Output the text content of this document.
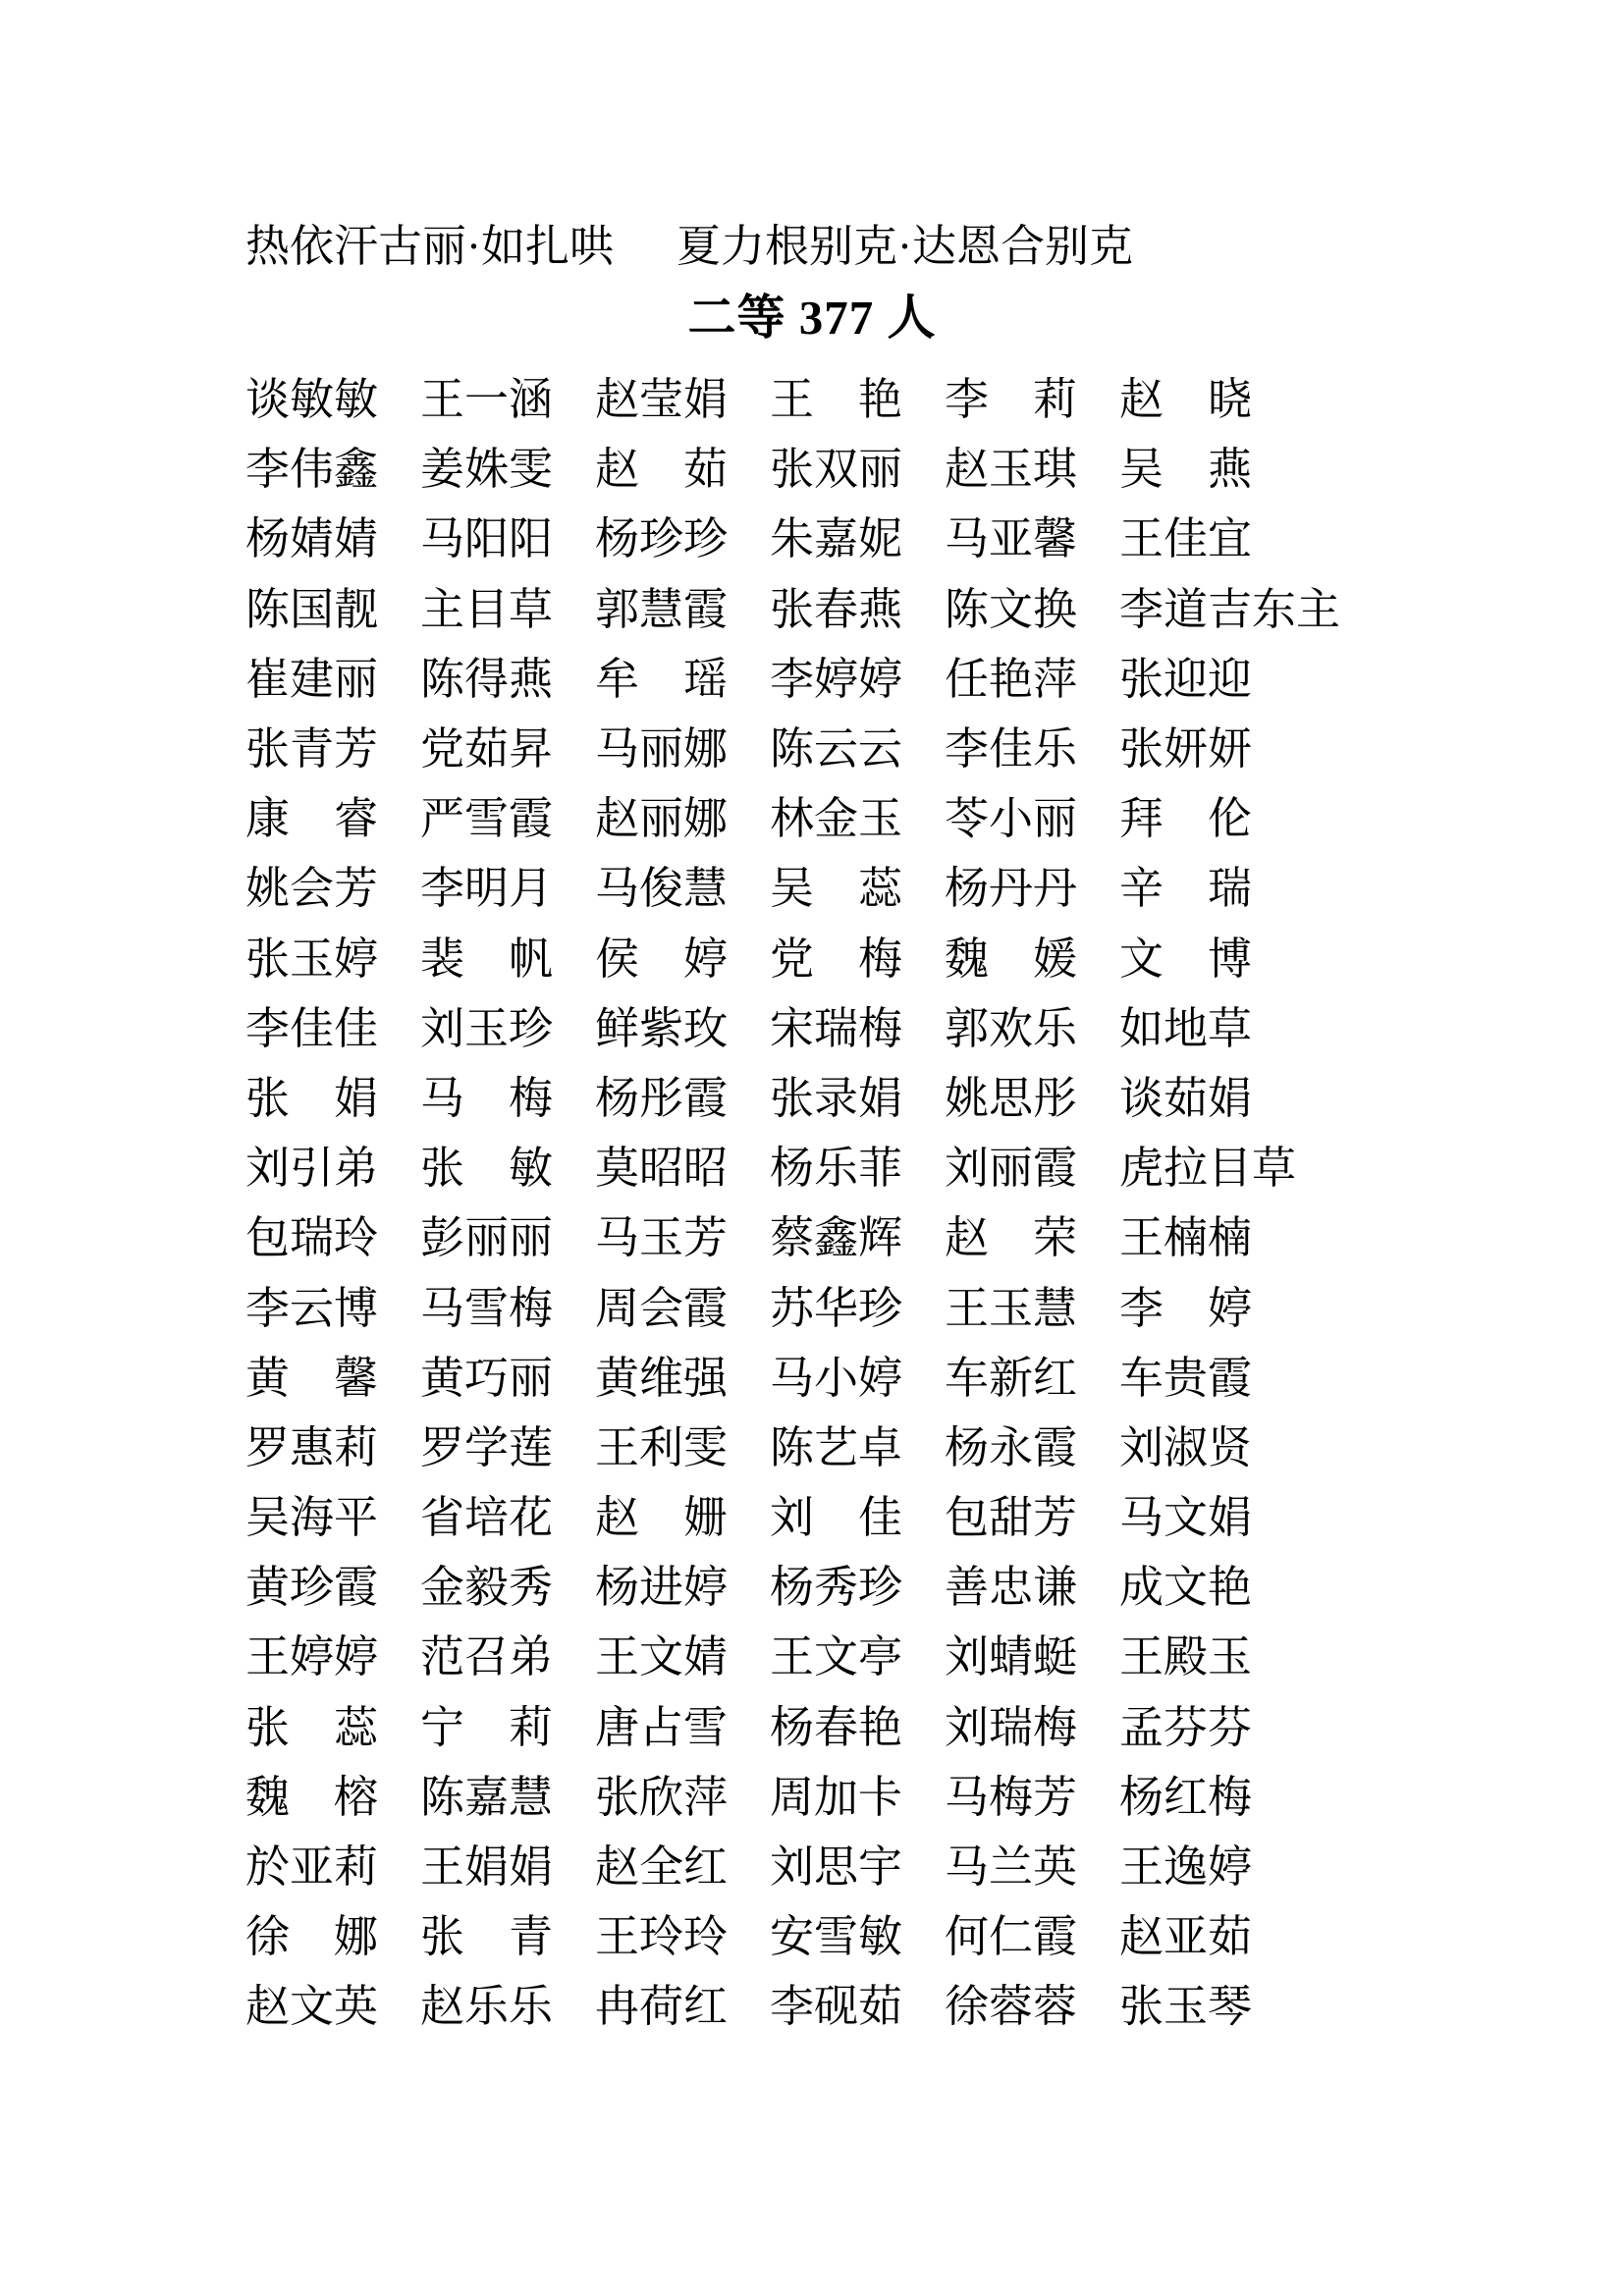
热依汗古丽·如扎哄 夏力根别克·达恩合别克
二等 377 人
谈敏敏 王一涵 赵莹娟 王 艳 李 莉 赵 晓
李伟鑫 姜姝雯 赵 茹 张双丽 赵玉琪 吴 燕
杨婧婧 马阳阳 杨珍珍 朱嘉妮 马亚馨 王佳宜
陈国靓 主目草 郭慧霞 张春燕 陈文换 李道吉东主
崔建丽 陈得燕 牟 瑶 李婷婷 任艳萍 张迎迎
张青芳 党茹昇 马丽娜 陈云云 李佳乐 张妍妍
康 睿 严雪霞 赵丽娜 林金玉 苓小丽 拜 伦
姚会芳 李明月 马俊慧 吴 蕊 杨丹丹 辛 瑞
张玉婷 裴 帆 侯 婷 党 梅 魏 媛 文 博
李佳佳 刘玉珍 鲜紫玫 宋瑞梅 郭欢乐 如地草
张 娟 马 梅 杨彤霞 张录娟 姚思彤 谈茹娟
刘引弟 张 敏 莫昭昭 杨乐菲 刘丽霞 虎拉目草
包瑞玲 彭丽丽 马玉芳 蔡鑫辉 赵 荣 王楠楠
李云博 马雪梅 周会霞 苏华珍 王玉慧 李 婷
黄 馨 黄巧丽 黄维强 马小婷 车新红 车贵霞
罗惠莉 罗学莲 王利雯 陈艺卓 杨永霞 刘淑贤
吴海平 省培花 赵 姗 刘 佳 包甜芳 马文娟
黄珍霞 金毅秀 杨进婷 杨秀珍 善忠谦 成文艳
王婷婷 范召弟 王文婧 王文亭 刘蜻蜓 王殿玉
张 蕊 宁 莉 唐占雪 杨春艳 刘瑞梅 孟芬芬
魏 榕 陈嘉慧 张欣萍 周加卡 马梅芳 杨红梅
於亚莉 王娟娟 赵全红 刘思宇 马兰英 王逸婷
徐 娜 张 青 王玲玲 安雪敏 何仁霞 赵亚茹
赵文英 赵乐乐 冉荷红 李砚茹 徐蓉蓉 张玉琴
